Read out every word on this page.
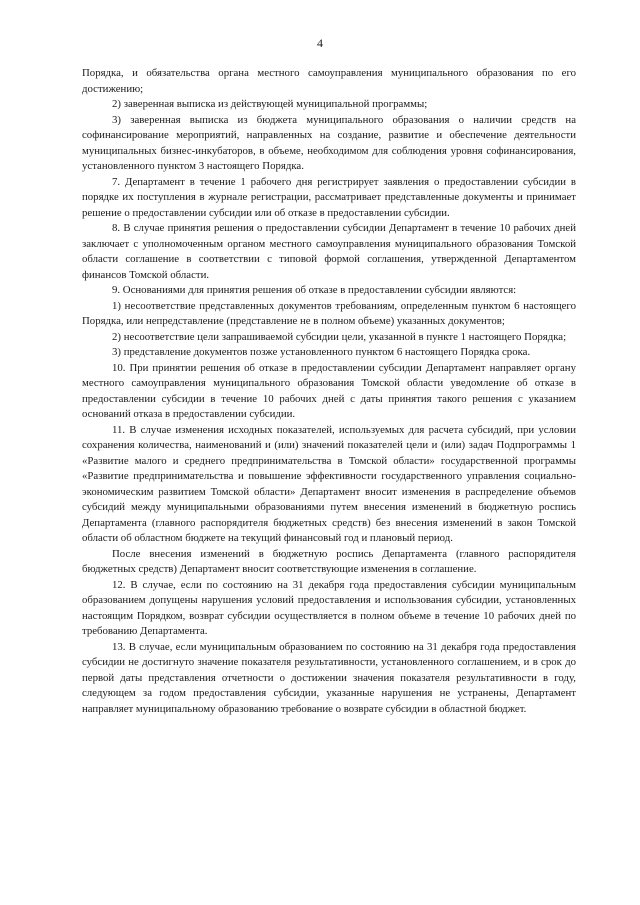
4

Порядка, и обязательства органа местного самоуправления муниципального образования по его достижению;

2) заверенная выписка из действующей муниципальной программы;

3) заверенная выписка из бюджета муниципального образования о наличии средств на софинансирование мероприятий, направленных на создание, развитие и обеспечение деятельности муниципальных бизнес-инкубаторов, в объеме, необходимом для соблюдения уровня софинансирования, установленного пунктом 3 настоящего Порядка.

7. Департамент в течение 1 рабочего дня регистрирует заявления о предоставлении субсидии в порядке их поступления в журнале регистрации, рассматривает представленные документы и принимает решение о предоставлении субсидии или об отказе в предоставлении субсидии.

8. В случае принятия решения о предоставлении субсидии Департамент в течение 10 рабочих дней заключает с уполномоченным органом местного самоуправления муниципального образования Томской области соглашение в соответствии с типовой формой соглашения, утвержденной Департаментом финансов Томской области.

9. Основаниями для принятия решения об отказе в предоставлении субсидии являются:

1) несоответствие представленных документов требованиям, определенным пунктом 6 настоящего Порядка, или непредставление (представление не в полном объеме) указанных документов;

2) несоответствие цели запрашиваемой субсидии цели, указанной в пункте 1 настоящего Порядка;

3) представление документов позже установленного пунктом 6 настоящего Порядка срока.

10. При принятии решения об отказе в предоставлении субсидии Департамент направляет органу местного самоуправления муниципального образования Томской области уведомление об отказе в предоставлении субсидии в течение 10 рабочих дней с даты принятия такого решения с указанием оснований отказа в предоставлении субсидии.

11. В случае изменения исходных показателей, используемых для расчета субсидий, при условии сохранения количества, наименований и (или) значений показателей цели и (или) задач Подпрограммы 1 «Развитие малого и среднего предпринимательства в Томской области» государственной программы «Развитие предпринимательства и повышение эффективности государственного управления социально-экономическим развитием Томской области» Департамент вносит изменения в распределение объемов субсидий между муниципальными образованиями путем внесения изменений в бюджетную роспись Департамента (главного распорядителя бюджетных средств) без внесения изменений в закон Томской области об областном бюджете на текущий финансовый год и плановый период.

После внесения изменений в бюджетную роспись Департамента (главного распорядителя бюджетных средств) Департамент вносит соответствующие изменения в соглашение.

12. В случае, если по состоянию на 31 декабря года предоставления субсидии муниципальным образованием допущены нарушения условий предоставления и использования субсидии, установленных настоящим Порядком, возврат субсидии осуществляется в полном объеме в течение 10 рабочих дней по требованию Департамента.

13. В случае, если муниципальным образованием по состоянию на 31 декабря года предоставления субсидии не достигнуто значение показателя результативности, установленного соглашением, и в срок до первой даты представления отчетности о достижении значения показателя результативности в году, следующем за годом предоставления субсидии, указанные нарушения не устранены, Департамент направляет муниципальному образованию требование о возврате субсидии в областной бюджет.
